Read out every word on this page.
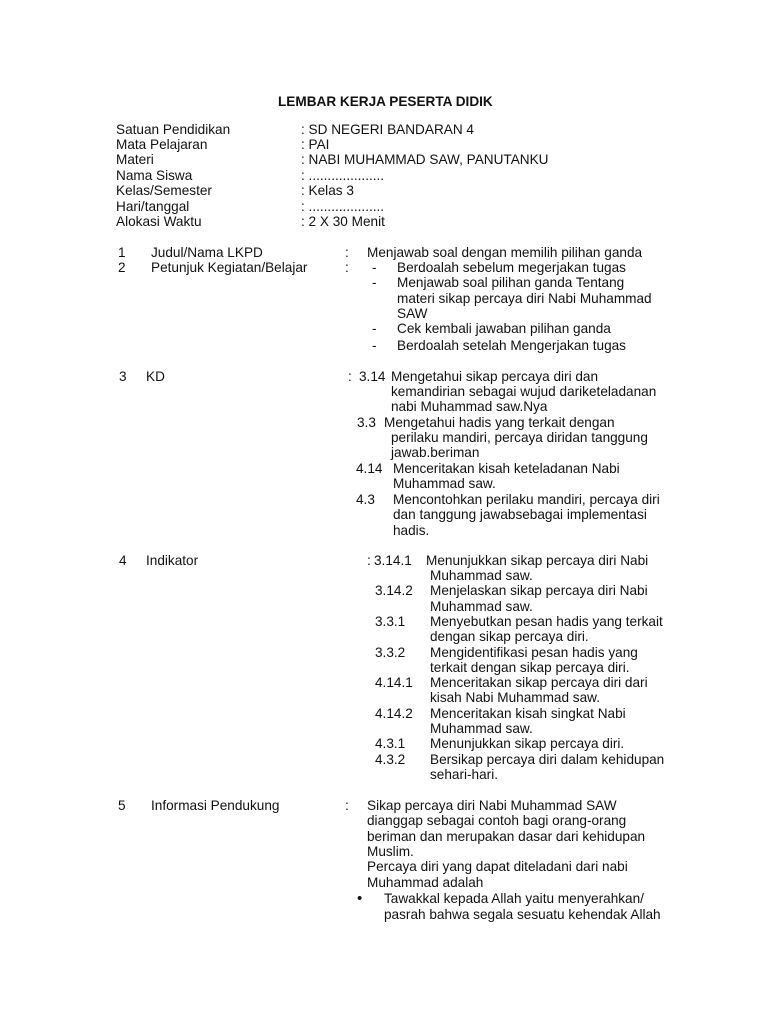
LEMBAR KERJA PESERTA DIDIK
Satuan Pendidikan	: SD NEGERI BANDARAN 4
Mata Pelajaran	: PAI
Materi	: NABI MUHAMMAD SAW, PANUTANKU
Nama Siswa	: ....................
Kelas/Semester	: Kelas 3
Hari/tanggal	: ....................
Alokasi Waktu	: 2 X 30 Menit
1 Judul/Nama LKPD	: Menjawab soal dengan memilih pilihan ganda
2 Petunjuk Kegiatan/Belajar	: - Berdoalah sebelum megerjakan tugas
- Menjawab soal pilihan ganda Tentang
materi sikap percaya diri Nabi Muhammad
SAW
- Cek kembali jawaban pilihan ganda
- Berdoalah setelah Mengerjakan tugas
3 KD	: 3.14 Mengetahui sikap percaya diri dan
kemandirian sebagai wujud dariketeladanan
nabi Muhammad saw.Nya
3.3 Mengetahui hadis yang terkait dengan
perilaku mandiri, percaya diridan tanggung
jawab.beriman
4.14 Menceritakan kisah keteladanan Nabi
Muhammad saw.
4.3 Mencontohkan perilaku mandiri, percaya diri
dan tanggung jawabsebagai implementasi
hadis.
4 Indikator	: 3.14.1 Menunjukkan sikap percaya diri Nabi
Muhammad saw.
3.14.2 Menjelaskan sikap percaya diri Nabi
Muhammad saw.
3.3.1 Menyebutkan pesan hadis yang terkait
dengan sikap percaya diri.
3.3.2 Mengidentifikasi pesan hadis yang
terkait dengan sikap percaya diri.
4.14.1 Menceritakan sikap percaya diri dari
kisah Nabi Muhammad saw.
4.14.2 Menceritakan kisah singkat Nabi
Muhammad saw.
4.3.1 Menunjukkan sikap percaya diri.
4.3.2 Bersikap percaya diri dalam kehidupan
sehari-hari.
5 Informasi Pendukung	: Sikap percaya diri Nabi Muhammad SAW
dianggap sebagai contoh bagi orang-orang
beriman dan merupakan dasar dari kehidupan
Muslim.
Percaya diri yang dapat diteladani dari nabi
Muhammad adalah
• Tawakkal kepada Allah yaitu menyerahkan/
pasrah bahwa segala sesuatu kehendak Allah
